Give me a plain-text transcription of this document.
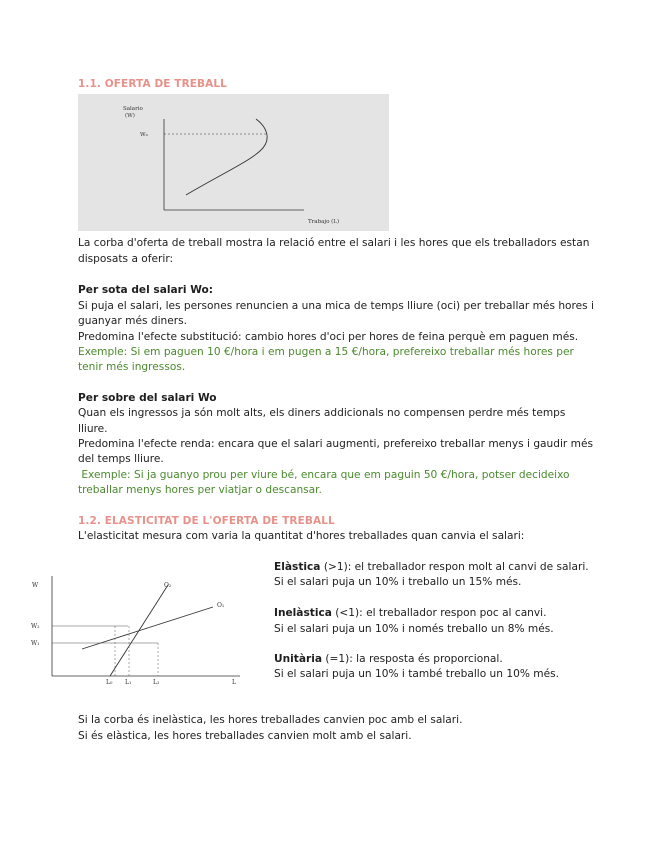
1.1. OFERTA DE TREBALL
Salario
(W)
W₀
Trabajo (L)
La corba d'oferta de treball mostra la relació entre el salari i les hores que els treballadors estan
disposats a oferir:
Per sota del salari Wo:
Si puja el salari, les persones renuncien a una mica de temps lliure (oci) per treballar més hores i
guanyar més diners.
Predomina l'efecte substitució: cambio hores d'oci per hores de feina perquè em paguen més.
Exemple: Si em paguen 10 €/hora i em pugen a 15 €/hora, prefereixo treballar més hores per
tenir més ingressos.
Per sobre del salari Wo
Quan els ingressos ja són molt alts, els diners addicionals no compensen perdre més temps
lliure.
Predomina l'efecte renda: encara que el salari augmenti, prefereixo treballar menys i gaudir més
del temps lliure.
Exemple: Si ja guanyo prou per viure bé, encara que em paguin 50 €/hora, potser decideixo
treballar menys hores per viatjar o descansar.
1.2. ELASTICITAT DE L'OFERTA DE TREBALL
L'elasticitat mesura com varia la quantitat d'hores treballades quan canvia el salari:
W
W₂
W₁
O₂
O₁
L₀ L₁	L₂	L
Elàstica (>1): el treballador respon molt al canvi de salari.
Si el salari puja un 10% i treballo un 15% més.
Inelàstica (<1): el treballador respon poc al canvi.
Si el salari puja un 10% i només treballo un 8% més.
Unitària (=1): la resposta és proporcional.
Si el salari puja un 10% i també treballo un 10% més.
Si la corba és inelàstica, les hores treballades canvien poc amb el salari.
Si és elàstica, les hores treballades canvien molt amb el salari.
